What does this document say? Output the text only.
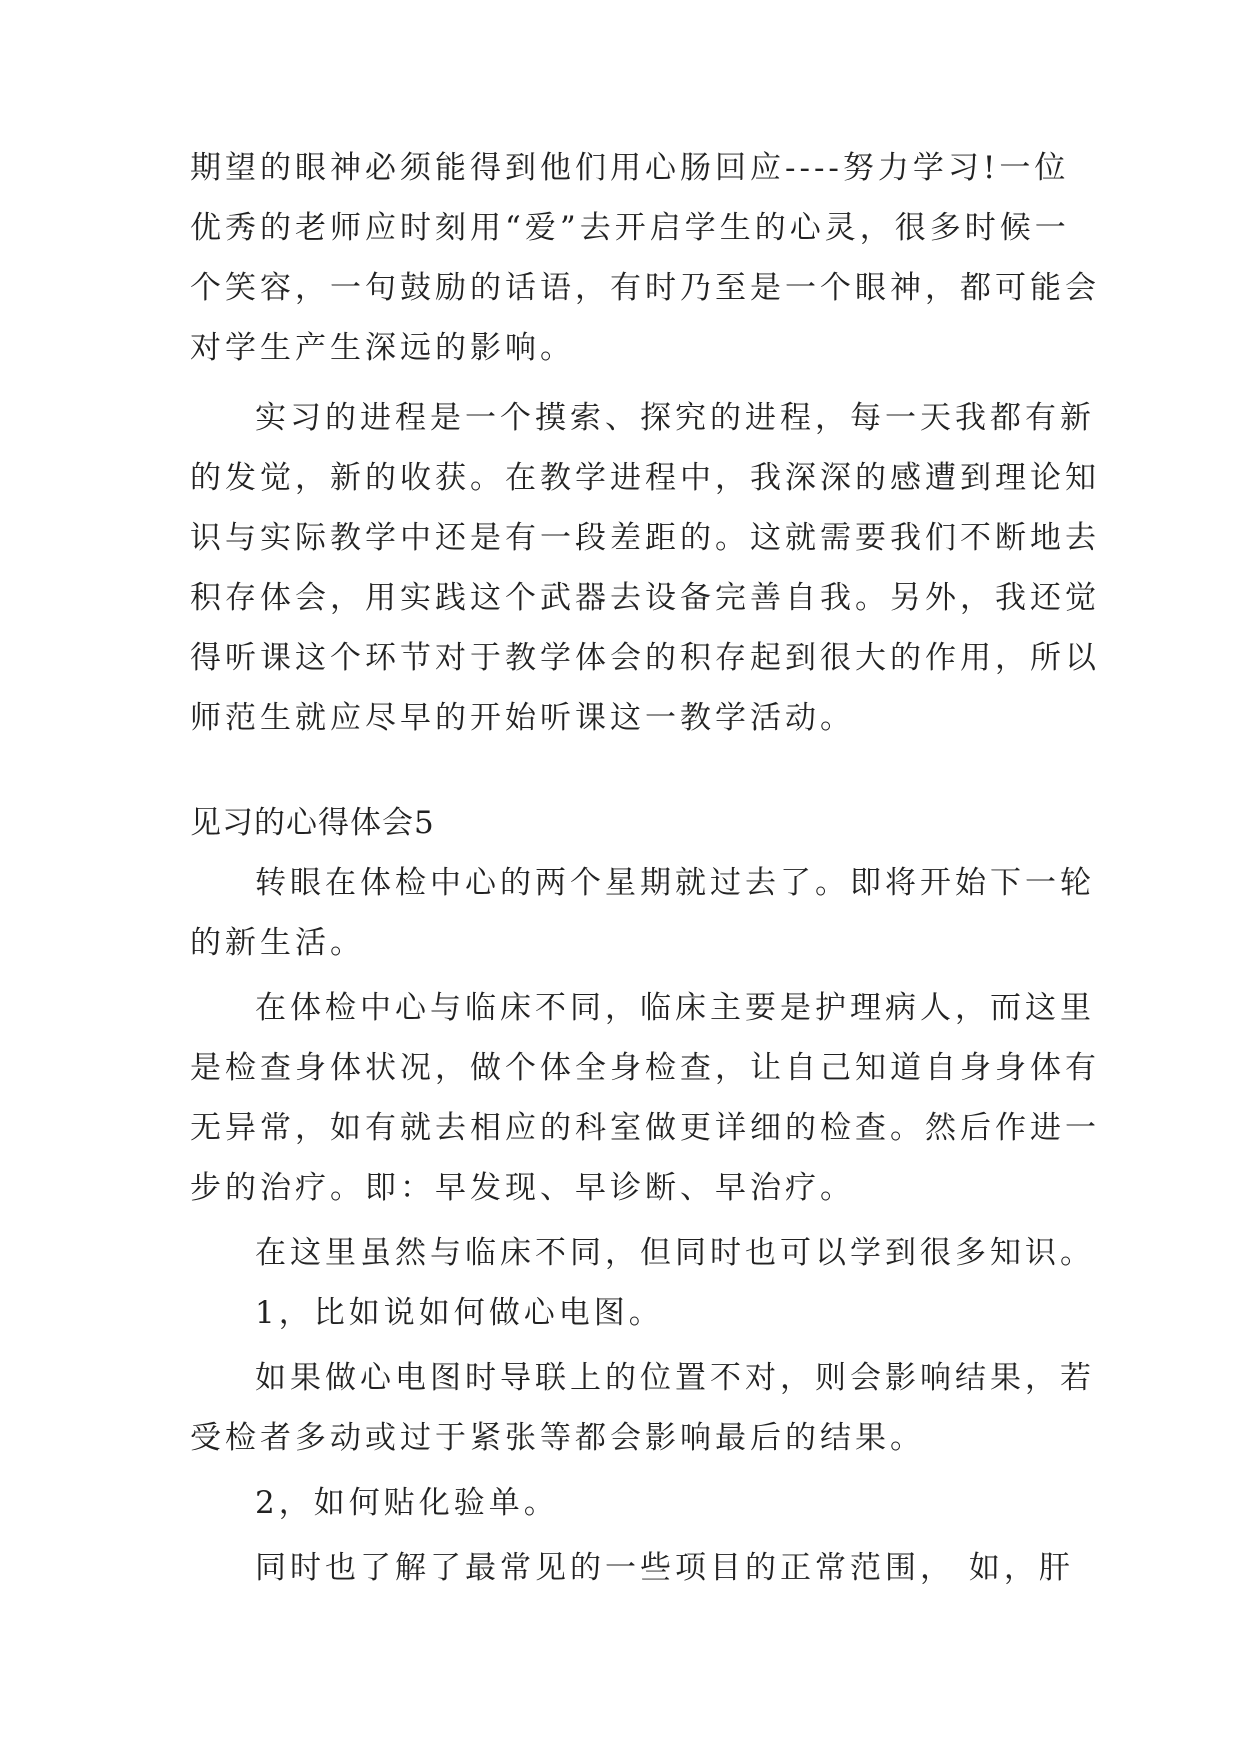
期望的眼神必须能得到他们用心肠回应----努力学习!一位
优秀的老师应时刻用“爱”去开启学生的心灵，很多时候一
个笑容，一句鼓励的话语，有时乃至是一个眼神，都可能会
对学生产生深远的影响。
实习的进程是一个摸索、探究的进程，每一天我都有新
的发觉，新的收获。在教学进程中，我深深的感遭到理论知
识与实际教学中还是有一段差距的。这就需要我们不断地去
积存体会，用实践这个武器去设备完善自我。另外，我还觉
得听课这个环节对于教学体会的积存起到很大的作用，所以
师范生就应尽早的开始听课这一教学活动。
见习的心得体会5
转眼在体检中心的两个星期就过去了。即将开始下一轮
的新生活。
在体检中心与临床不同，临床主要是护理病人，而这里
是检查身体状况，做个体全身检查，让自己知道自身身体有
无异常，如有就去相应的科室做更详细的检查。然后作进一
步的治疗。即：早发现、早诊断、早治疗。
在这里虽然与临床不同，但同时也可以学到很多知识。
1，比如说如何做心电图。
如果做心电图时导联上的位置不对，则会影响结果，若
受检者多动或过于紧张等都会影响最后的结果。
2，如何贴化验单。
同时也了解了最常见的一些项目的正常范围， 如，肝
